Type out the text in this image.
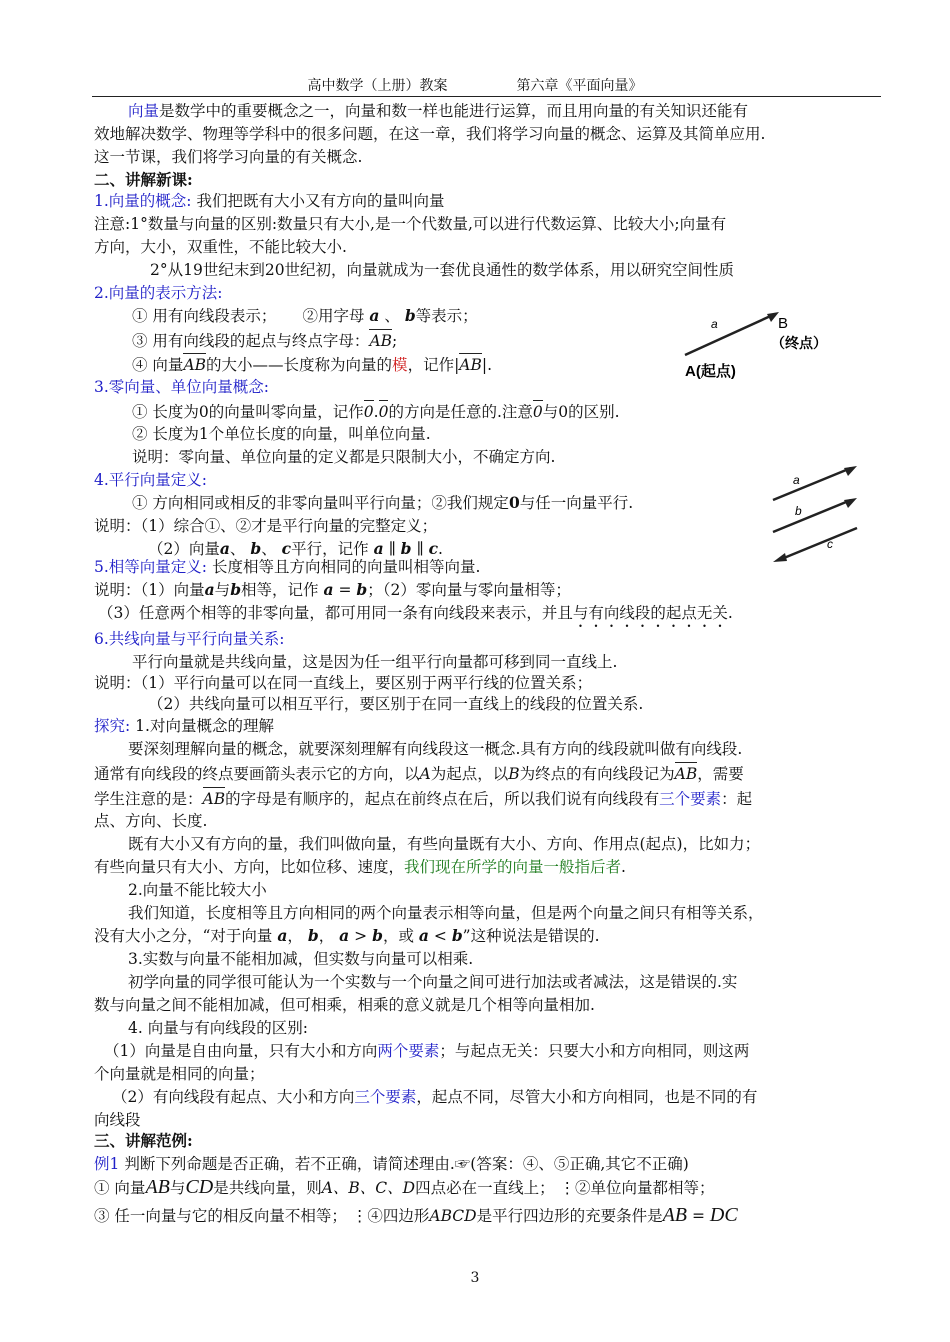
高中数学（上册）教案	第六章《平面向量》
向量是数学中的重要概念之一，向量和数一样也能进行运算，而且用向量的有关知识还能有
效地解决数学、物理等学科中的很多问题，在这一章，我们将学习向量的概念、运算及其简单应用.
这一节课，我们将学习向量的有关概念.
二、讲解新课:
1.向量的概念: 我们把既有大小又有方向的量叫向量
注意:1°数量与向量的区别:数量只有大小,是一个代数量,可以进行代数运算、比较大小;向量有
方向，大小，双重性，不能比较大小.
2°从19世纪末到20世纪初，向量就成为一套优良通性的数学体系，用以研究空间性质
2.向量的表示方法:
① 用有向线段表示； ②用字母 a 、 b等表示；
③ 用有向线段的起点与终点字母：AB;
④ 向量AB的大小——长度称为向量的模，记作|AB|.
a	B
（终点）
A(起点)
3.零向量、单位向量概念:
① 长度为0的向量叫零向量，记作0.0的方向是任意的.注意0与0的区别.
② 长度为1个单位长度的向量，叫单位向量.
说明：零向量、单位向量的定义都是只限制大小，不确定方向.
4.平行向量定义:
① 方向相同或相反的非零向量叫平行向量；②我们规定0与任一向量平行.
说明：（1）综合①、②才是平行向量的完整定义；
（2）向量a、 b、 c平行，记作 a ∥ b ∥ c.
a
b
c
5.相等向量定义: 长度相等且方向相同的向量叫相等向量.
说明：（1）向量a与b相等，记作 a = b；（2）零向量与零向量相等；
（3）任意两个相等的非零向量，都可用同一条有向线段来表示，并且与有向线段的起点无关.
6.共线向量与平行向量关系:
平行向量就是共线向量，这是因为任一组平行向量都可移到同一直线上.
说明：（1）平行向量可以在同一直线上，要区别于两平行线的位置关系；
（2）共线向量可以相互平行，要区别于在同一直线上的线段的位置关系.
探究: 1.对向量概念的理解
要深刻理解向量的概念，就要深刻理解有向线段这一概念.具有方向的线段就叫做有向线段.
通常有向线段的终点要画箭头表示它的方向，以A为起点，以B为终点的有向线段记为AB，需要
学生注意的是：AB的字母是有顺序的，起点在前终点在后，所以我们说有向线段有三个要素：起
点、方向、长度.
既有大小又有方向的量，我们叫做向量，有些向量既有大小、方向、作用点(起点)，比如力；
有些向量只有大小、方向，比如位移、速度，我们现在所学的向量一般指后者.
2.向量不能比较大小
我们知道，长度相等且方向相同的两个向量表示相等向量，但是两个向量之间只有相等关系，
没有大小之分，“对于向量 a， b， a > b，或 a < b”这种说法是错误的.
3.实数与向量不能相加减，但实数与向量可以相乘.
初学向量的同学很可能认为一个实数与一个向量之间可进行加法或者减法，这是错误的.实
数与向量之间不能相加减，但可相乘，相乘的意义就是几个相等向量相加.
4. 向量与有向线段的区别:
（1）向量是自由向量，只有大小和方向两个要素；与起点无关：只要大小和方向相同，则这两
个向量就是相同的向量；
（2）有向线段有起点、大小和方向三个要素，起点不同，尽管大小和方向相同，也是不同的有
向线段
三、讲解范例:
例1 判断下列命题是否正确，若不正确，请简述理由.☞(答案：④、⑤正确,其它不正确)
① 向量AB与CD是共线向量，则A、B、C、D四点必在一直线上； ⋮②单位向量都相等；
③ 任一向量与它的相反向量不相等； ⋮④四边形ABCD是平行四边形的充要条件是AB = DC
3
